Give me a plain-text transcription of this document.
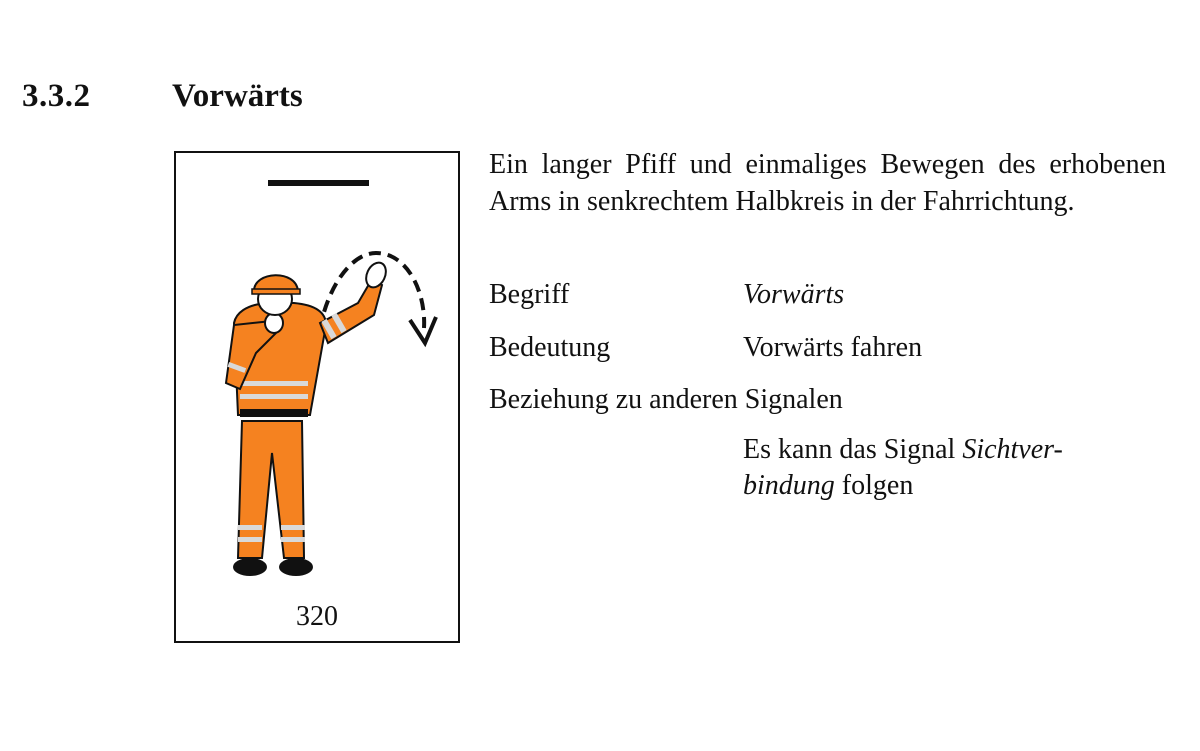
3.3.2 Vorwärts
320
Ein langer Pfiff und einmaliges Bewegen des erhobenen Arms in senkrechtem Halbkreis in der Fahrrichtung.
Begriff	Vorwärts
Bedeutung	Vorwärts fahren
Beziehung zu anderen Signalen
Es kann das Signal Sichtver-
bindung folgen
